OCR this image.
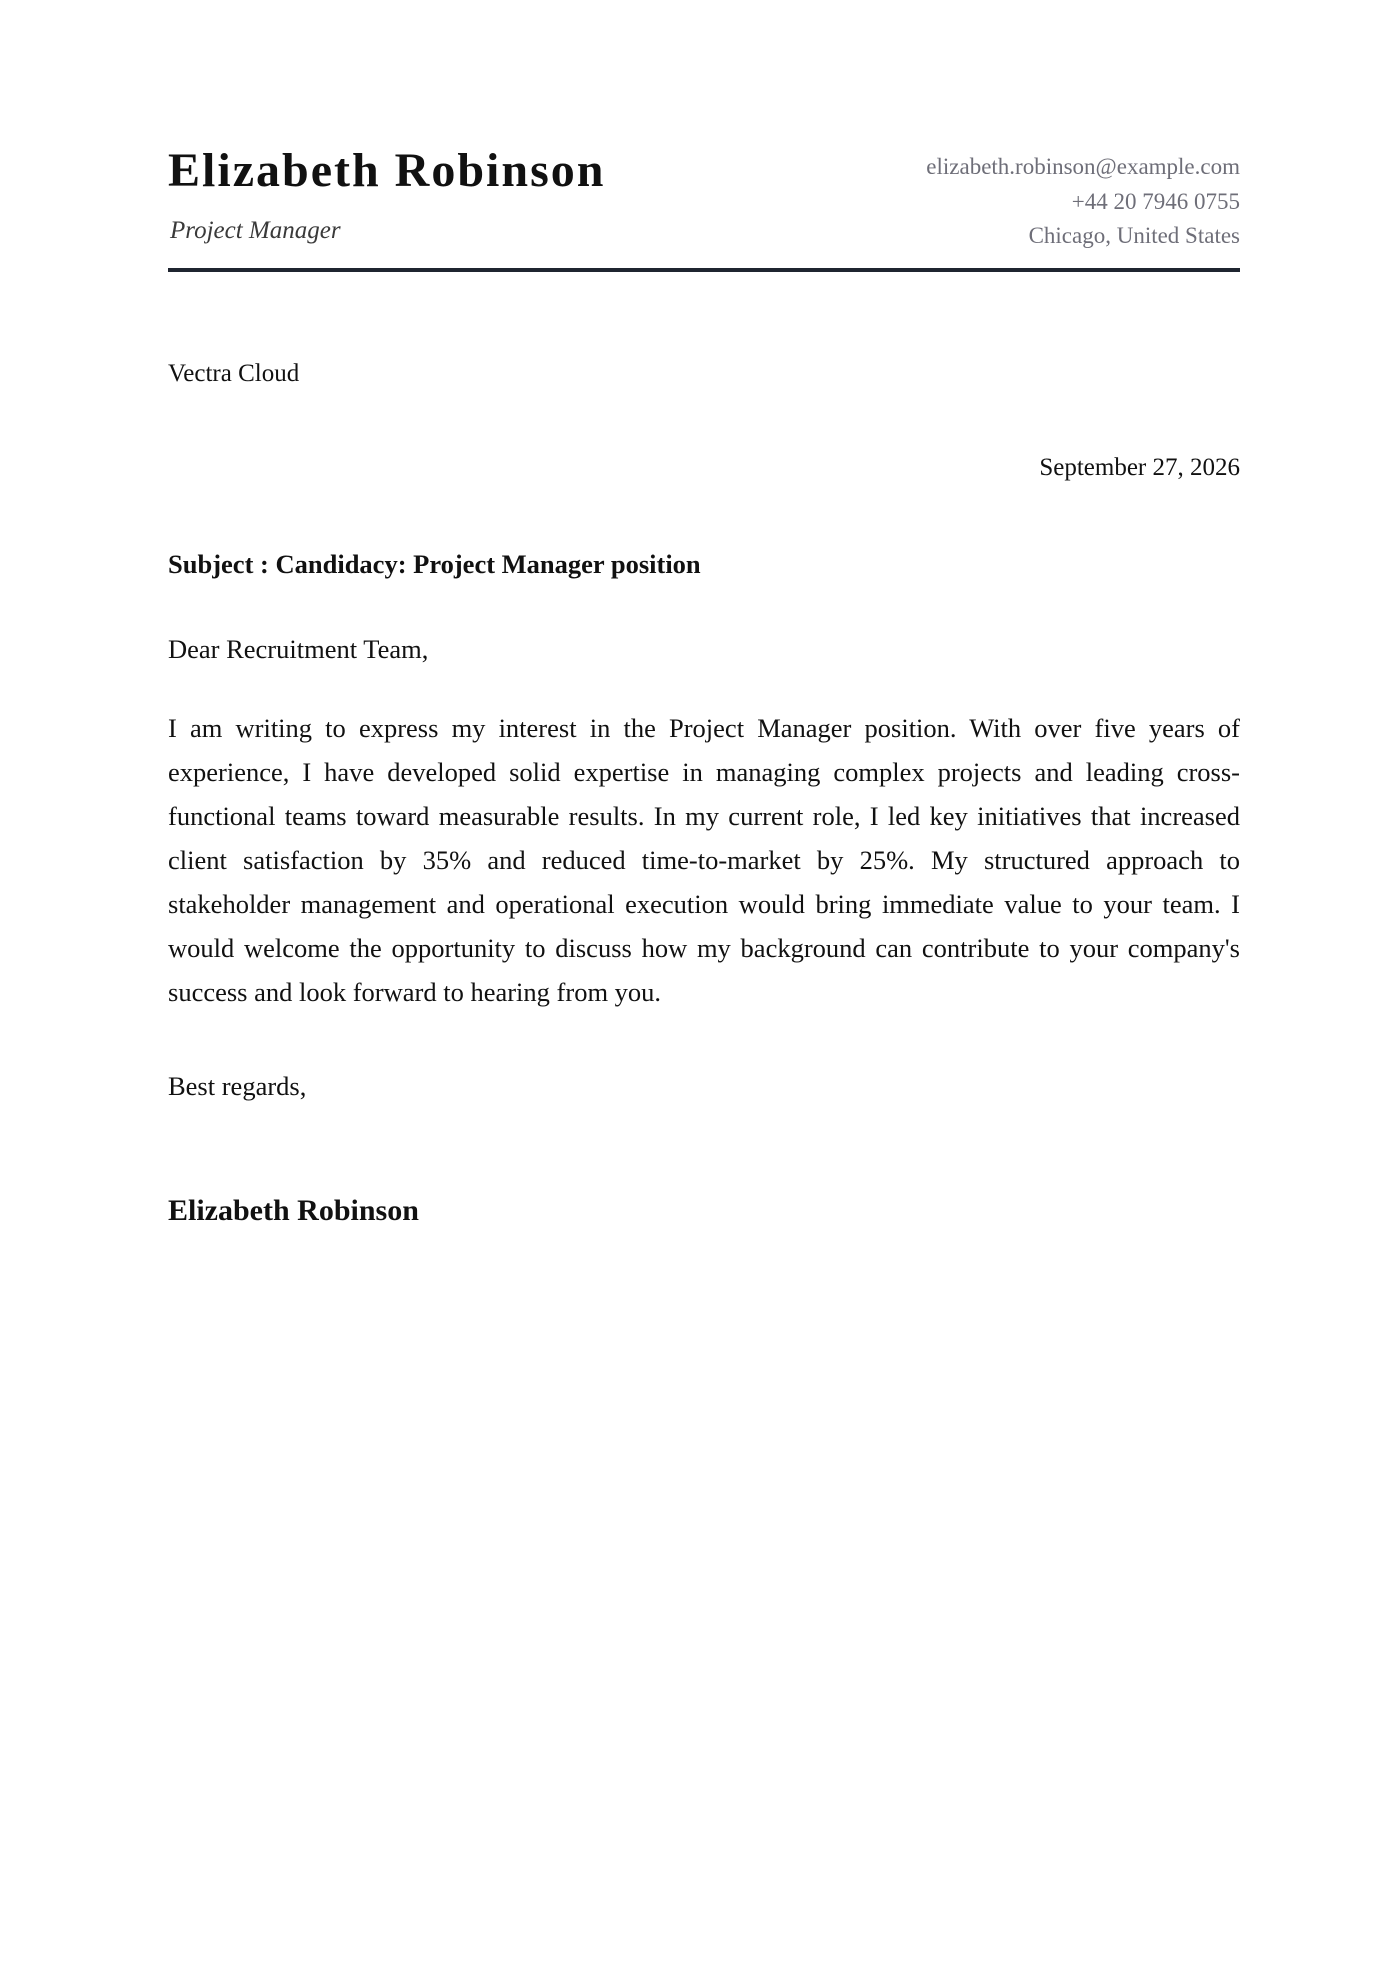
Elizabeth Robinson
Project Manager
elizabeth.robinson@example.com
+44 20 7946 0755
Chicago, United States
Vectra Cloud
September 27, 2026
Subject : Candidacy: Project Manager position
Dear Recruitment Team,

I am writing to express my interest in the Project Manager position. With over five years of experience, I have developed solid expertise in managing complex projects and leading cross-functional teams toward measurable results. In my current role, I led key initiatives that increased client satisfaction by 35% and reduced time-to-market by 25%. My structured approach to stakeholder management and operational execution would bring immediate value to your team. I would welcome the opportunity to discuss how my background can contribute to your company's success and look forward to hearing from you.

Best regards,
Elizabeth Robinson
